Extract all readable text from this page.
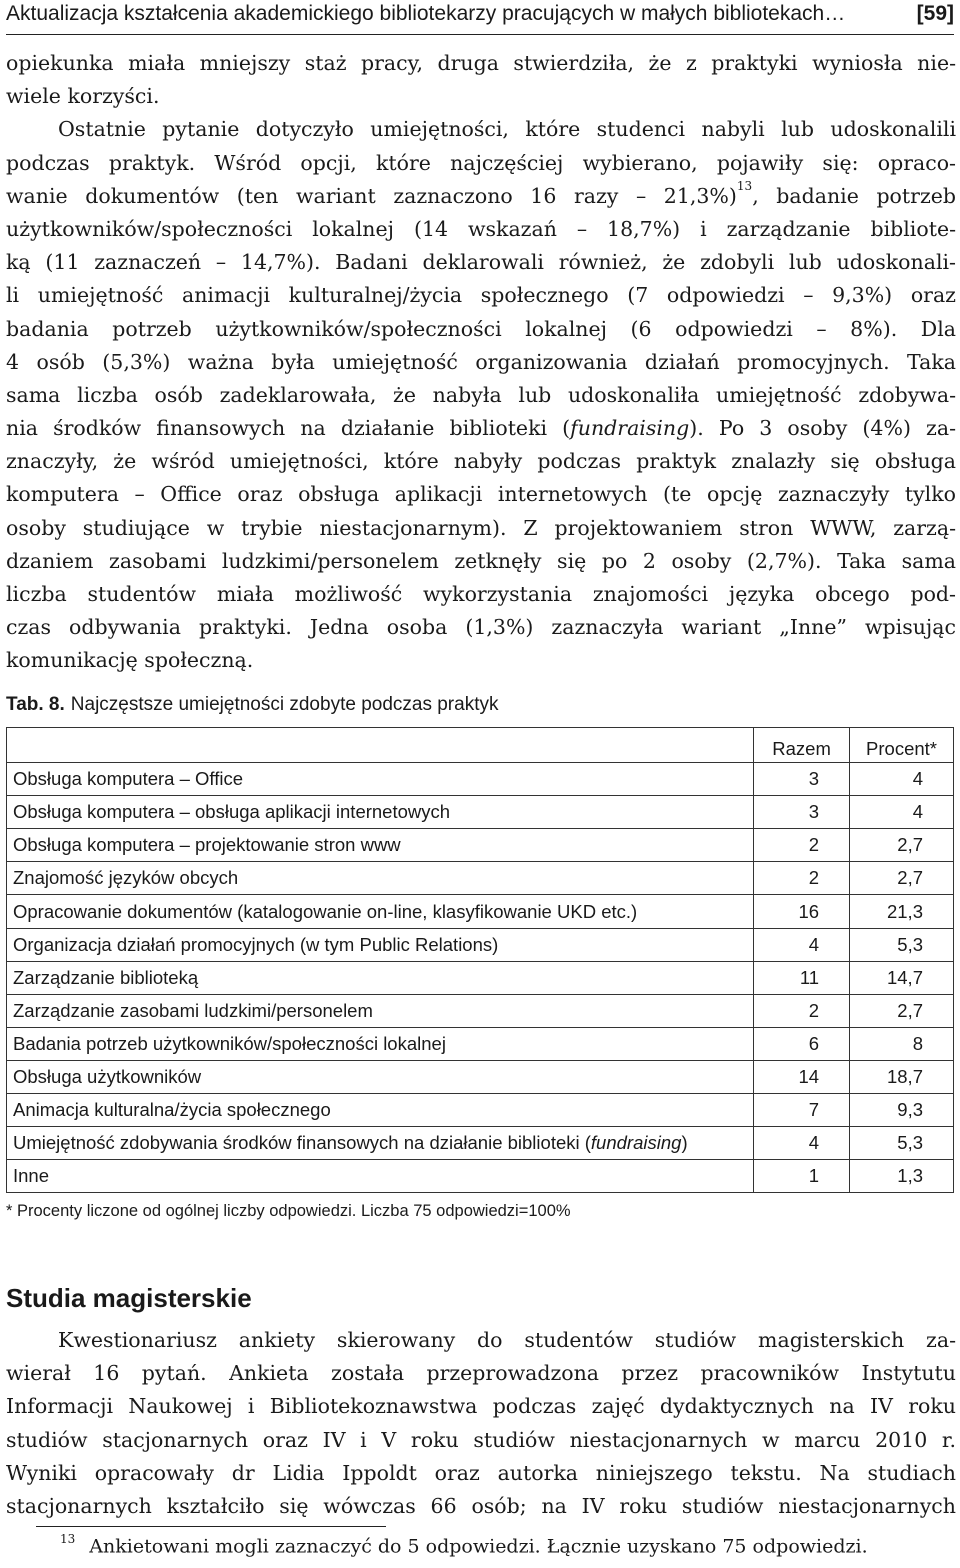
Aktualizacja kształcenia akademickiego bibliotekarzy pracujących w małych bibliotekach…	[59]
opiekunka miała mniejszy staż pracy, druga stwierdziła, że z praktyki wyniosła nie-
wiele korzyści.
Ostatnie pytanie dotyczyło umiejętności, które studenci nabyli lub udoskonalili
podczas praktyk. Wśród opcji, które najczęściej wybierano, pojawiły się: opraco-
wanie dokumentów (ten wariant zaznaczono 16 razy – 21,3%)$^{13}$, badanie potrzeb
użytkowników/społeczności lokalnej (14 wskazań – 18,7%) i zarządzanie bibliote-
ką (11 zaznaczeń – 14,7%). Badani deklarowali również, że zdobyli lub udoskonali-
li umiejętność animacji kulturalnej/życia społecznego (7 odpowiedzi – 9,3%) oraz
badania potrzeb użytkowników/społeczności lokalnej (6 odpowiedzi – 8%). Dla
4 osób (5,3%) ważna była umiejętność organizowania działań promocyjnych. Taka
sama liczba osób zadeklarowała, że nabyła lub udoskonaliła umiejętność zdobywa-
nia środków finansowych na działanie biblioteki (fundraising). Po 3 osoby (4%) za-
znaczyły, że wśród umiejętności, które nabyły podczas praktyk znalazły się obsługa
komputera – Office oraz obsługa aplikacji internetowych (te opcję zaznaczyły tylko
osoby studiujące w trybie niestacjonarnym). Z projektowaniem stron WWW, zarzą-
dzaniem zasobami ludzkimi/personelem zetknęły się po 2 osoby (2,7%). Taka sama
liczba studentów miała możliwość wykorzystania znajomości języka obcego pod-
czas odbywania praktyki. Jedna osoba (1,3%) zaznaczyła wariant „Inne” wpisując
komunikację społeczną.
Tab. 8. Najczęstsze umiejętności zdobyte podczas praktyk
	Razem	Procent*
Obsługa komputera – Office	3	4
Obsługa komputera – obsługa aplikacji internetowych	3	4
Obsługa komputera – projektowanie stron www	2	2,7
Znajomość języków obcych	2	2,7
Opracowanie dokumentów (katalogowanie on-line, klasyfikowanie UKD etc.)	16	21,3
Organizacja działań promocyjnych (w tym Public Relations)	4	5,3
Zarządzanie biblioteką	11	14,7
Zarządzanie zasobami ludzkimi/personelem	2	2,7
Badania potrzeb użytkowników/społeczności lokalnej	6	8
Obsługa użytkowników	14	18,7
Animacja kulturalna/życia społecznego	7	9,3
Umiejętność zdobywania środków finansowych na działanie biblioteki (fundraising)	4	5,3
Inne	1	1,3
* Procenty liczone od ogólnej liczby odpowiedzi. Liczba 75 odpowiedzi=100%
Studia magisterskie
Kwestionariusz ankiety skierowany do studentów studiów magisterskich za-
wierał 16 pytań. Ankieta została przeprowadzona przez pracowników Instytutu
Informacji Naukowej i Bibliotekoznawstwa podczas zajęć dydaktycznych na IV roku
studiów stacjonarnych oraz IV i V roku studiów niestacjonarnych w marcu 2010 r.
Wyniki opracowały dr Lidia Ippoldt oraz autorka niniejszego tekstu. Na studiach
stacjonarnych kształciło się wówczas 66 osób; na IV roku studiów niestacjonarnych
$^{13}$ Ankietowani mogli zaznaczyć do 5 odpowiedzi. Łącznie uzyskano 75 odpowiedzi.
